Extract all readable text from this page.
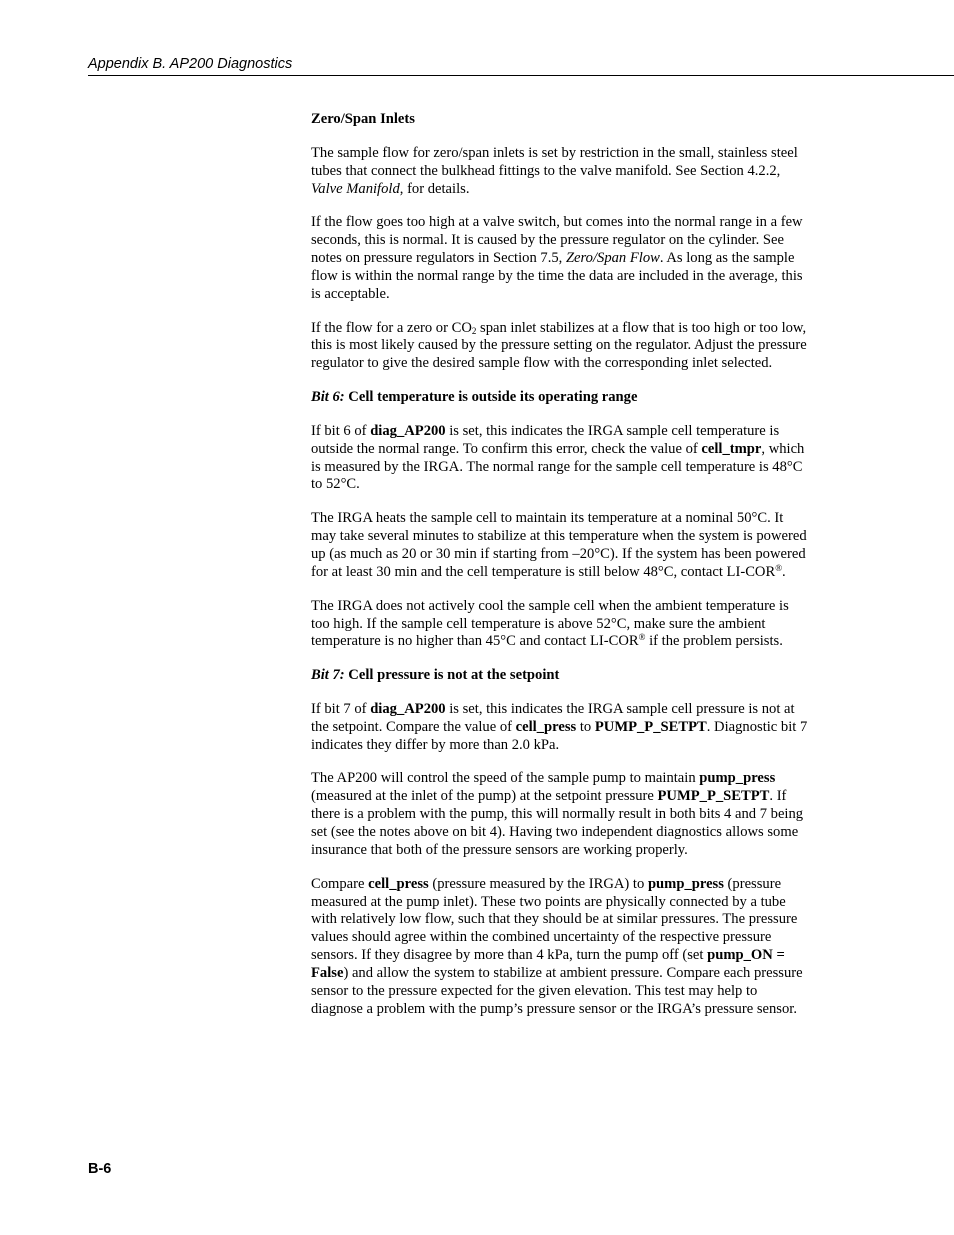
Appendix B. AP200 Diagnostics
Zero/Span Inlets

The sample flow for zero/span inlets is set by restriction in the small, stainless steel tubes that connect the bulkhead fittings to the valve manifold. See Section 4.2.2, Valve Manifold, for details.

If the flow goes too high at a valve switch, but comes into the normal range in a few seconds, this is normal. It is caused by the pressure regulator on the cylinder. See notes on pressure regulators in Section 7.5, Zero/Span Flow. As long as the sample flow is within the normal range by the time the data are included in the average, this is acceptable.

If the flow for a zero or $CO_2$ span inlet stabilizes at a flow that is too high or too low, this is most likely caused by the pressure setting on the regulator. Adjust the pressure regulator to give the desired sample flow with the corresponding inlet selected.

Bit 6: Cell temperature is outside its operating range

If bit 6 of diag_AP200 is set, this indicates the IRGA sample cell temperature is outside the normal range. To confirm this error, check the value of cell_tmpr, which is measured by the IRGA. The normal range for the sample cell temperature is 48°C to 52°C.

The IRGA heats the sample cell to maintain its temperature at a nominal 50°C. It may take several minutes to stabilize at this temperature when the system is powered up (as much as 20 or 30 min if starting from –20°C). If the system has been powered for at least 30 min and the cell temperature is still below 48°C, contact LI-COR®.

The IRGA does not actively cool the sample cell when the ambient temperature is too high. If the sample cell temperature is above 52°C, make sure the ambient temperature is no higher than 45°C and contact LI-COR® if the problem persists.

Bit 7: Cell pressure is not at the setpoint

If bit 7 of diag_AP200 is set, this indicates the IRGA sample cell pressure is not at the setpoint. Compare the value of cell_press to PUMP_P_SETPT. Diagnostic bit 7 indicates they differ by more than 2.0 kPa.

The AP200 will control the speed of the sample pump to maintain pump_press (measured at the inlet of the pump) at the setpoint pressure PUMP_P_SETPT. If there is a problem with the pump, this will normally result in both bits 4 and 7 being set (see the notes above on bit 4). Having two independent diagnostics allows some insurance that both of the pressure sensors are working properly.

Compare cell_press (pressure measured by the IRGA) to pump_press (pressure measured at the pump inlet). These two points are physically connected by a tube with relatively low flow, such that they should be at similar pressures. The pressure values should agree within the combined uncertainty of the respective pressure sensors. If they disagree by more than 4 kPa, turn the pump off (set pump_ON = False) and allow the system to stabilize at ambient pressure. Compare each pressure sensor to the pressure expected for the given elevation. This test may help to diagnose a problem with the pump’s pressure sensor or the IRGA’s pressure sensor.

B-6
